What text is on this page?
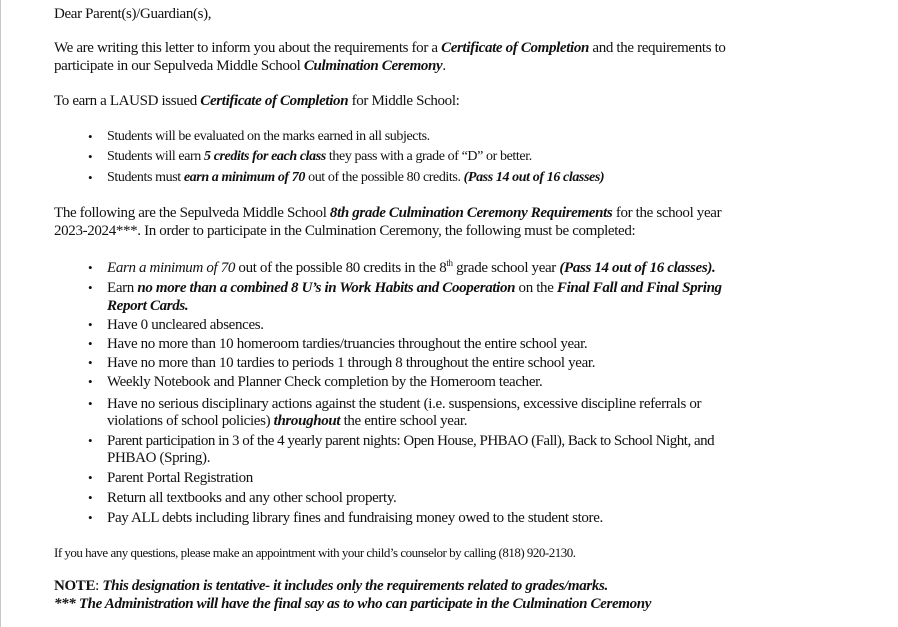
Dear Parent(s)/Guardian(s),
We are writing this letter to inform you about the requirements for a Certificate of Completion and the requirements to
participate in our Sepulveda Middle School Culmination Ceremony.
To earn a LAUSD issued Certificate of Completion for Middle School:
• Students will be evaluated on the marks earned in all subjects.
• Students will earn 5 credits for each class they pass with a grade of “D” or better.
• Students must earn a minimum of 70 out of the possible 80 credits. (Pass 14 out of 16 classes)
The following are the Sepulveda Middle School 8th grade Culmination Ceremony Requirements for the school year
2023-2024***. In order to participate in the Culmination Ceremony, the following must be completed:
• Earn a minimum of 70 out of the possible 80 credits in the 8th grade school year (Pass 14 out of 16 classes).
• Earn no more than a combined 8 U’s in Work Habits and Cooperation on the Final Fall and Final Spring
Report Cards.
• Have 0 uncleared absences.
• Have no more than 10 homeroom tardies/truancies throughout the entire school year.
• Have no more than 10 tardies to periods 1 through 8 throughout the entire school year.
• Weekly Notebook and Planner Check completion by the Homeroom teacher.
• Have no serious disciplinary actions against the student (i.e. suspensions, excessive discipline referrals or
violations of school policies) throughout the entire school year.
• Parent participation in 3 of the 4 yearly parent nights: Open House, PHBAO (Fall), Back to School Night, and
PHBAO (Spring).
• Parent Portal Registration
• Return all textbooks and any other school property.
• Pay ALL debts including library fines and fundraising money owed to the student store.
If you have any questions, please make an appointment with your child’s counselor by calling (818) 920-2130.
NOTE: This designation is tentative- it includes only the requirements related to grades/marks.
*** The Administration will have the final say as to who can participate in the Culmination Ceremony
